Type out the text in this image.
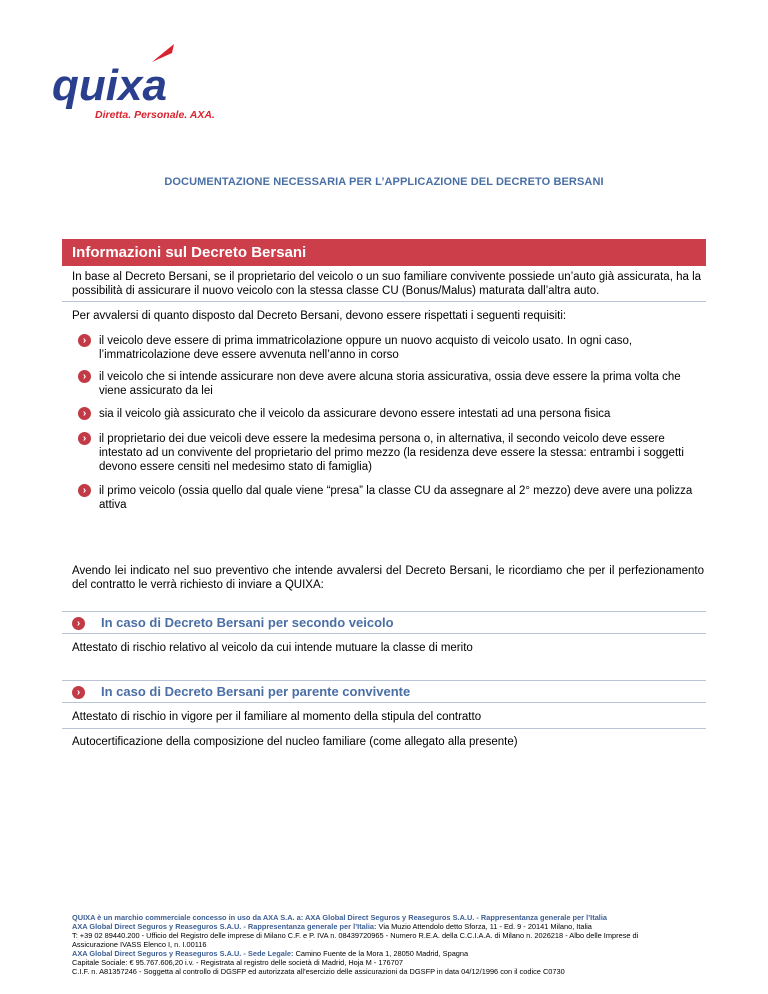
quixa
Diretta. Personale. AXA.
DOCUMENTAZIONE NECESSARIA PER L’APPLICAZIONE DEL DECRETO BERSANI
Informazioni sul Decreto Bersani
In base al Decreto Bersani, se il proprietario del veicolo o un suo familiare convivente possiede un’auto già assicurata, ha la possibilità di assicurare il nuovo veicolo con la stessa classe CU (Bonus/Malus) maturata dall’altra auto.
Per avvalersi di quanto disposto dal Decreto Bersani, devono essere rispettati i seguenti requisiti:
›	il veicolo deve essere di prima immatricolazione oppure un nuovo acquisto di veicolo usato. In ogni caso, l’immatricolazione deve essere avvenuta nell’anno in corso
›	il veicolo che si intende assicurare non deve avere alcuna storia assicurativa, ossia deve essere la prima volta che viene assicurato da lei
›	sia il veicolo già assicurato che il veicolo da assicurare devono essere intestati ad una persona fisica
›	il proprietario dei due veicoli deve essere la medesima persona o, in alternativa, il secondo veicolo deve essere intestato ad un convivente del proprietario del primo mezzo (la residenza deve essere la stessa: entrambi i soggetti devono essere censiti nel medesimo stato di famiglia)
›	il primo veicolo (ossia quello dal quale viene “presa” la classe CU da assegnare al 2° mezzo) deve avere una polizza attiva
Avendo lei indicato nel suo preventivo che intende avvalersi del Decreto Bersani, le ricordiamo che per il perfezionamento del contratto le verrà richiesto di inviare a QUIXA:
›	In caso di Decreto Bersani per secondo veicolo
Attestato di rischio relativo al veicolo da cui intende mutuare la classe di merito
›	In caso di Decreto Bersani per parente convivente
Attestato di rischio in vigore per il familiare al momento della stipula del contratto
Autocertificazione della composizione del nucleo familiare (come allegato alla presente)
QUIXA è un marchio commerciale concesso in uso da AXA S.A. a: AXA Global Direct Seguros y Reaseguros S.A.U. - Rappresentanza generale per l’Italia
AXA Global Direct Seguros y Reaseguros S.A.U. - Rappresentanza generale per l’Italia: Via Muzio Attendolo detto Sforza, 11 - Ed. 9 - 20141 Milano, Italia
T: +39 02 89440.200 - Ufficio del Registro delle imprese di Milano C.F. e P. IVA n. 08439720965 - Numero R.E.A. della C.C.I.A.A. di Milano n. 2026218 - Albo delle Imprese di
Assicurazione IVASS Elenco I, n. I.00116
AXA Global Direct Seguros y Reaseguros S.A.U. - Sede Legale: Camino Fuente de la Mora 1, 28050 Madrid, Spagna
Capitale Sociale: € 95.767.606,20 i.v. - Registrata al registro delle società di Madrid, Hoja M - 176707
C.I.F. n. A81357246 - Soggetta al controllo di DGSFP ed autorizzata all’esercizio delle assicurazioni da DGSFP in data 04/12/1996 con il codice C0730
